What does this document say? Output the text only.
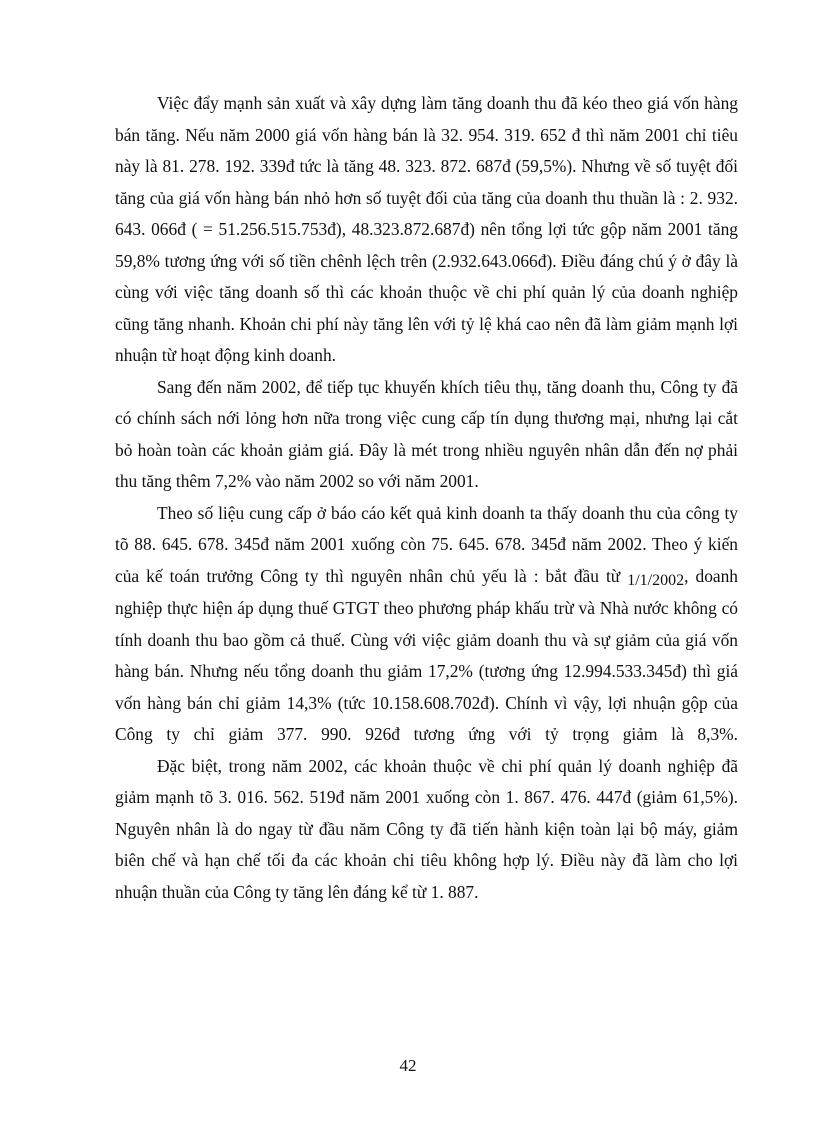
Việc đẩy mạnh sản xuất và xây dựng làm tăng doanh thu đã kéo theo giá vốn hàng bán tăng. Nếu năm 2000 giá vốn hàng bán là 32. 954. 319. 652 đ thì năm 2001 chỉ tiêu này là 81. 278. 192. 339đ tức là tăng 48. 323. 872. 687đ (59,5%). Nhưng về số tuyệt đối tăng của giá vốn hàng bán nhỏ hơn số tuyệt đối của tăng của doanh thu thuần là : 2. 932. 643. 066đ ( = 51.256.515.753đ), 48.323.872.687đ) nên tổng lợi tức gộp năm 2001 tăng 59,8% tương ứng với số tiền chênh lệch trên (2.932.643.066đ). Điều đáng chú ý ở đây là cùng với việc tăng doanh số thì các khoản thuộc về chi phí quản lý của doanh nghiệp cũng tăng nhanh. Khoản chi phí này tăng lên với tỷ lệ khá cao nên đã làm giảm mạnh lợi nhuận từ hoạt động kinh doanh.

Sang đến năm 2002, để tiếp tục khuyến khích tiêu thụ, tăng doanh thu, Công ty đã có chính sách nới lỏng hơn nữa trong việc cung cấp tín dụng thương mại, nhưng lại cắt bỏ hoàn toàn các khoản giảm giá. Đây là mét trong nhiều nguyên nhân dẫn đến nợ phải thu tăng thêm 7,2% vào năm 2002 so với năm 2001.

Theo số liệu cung cấp ở báo cáo kết quả kinh doanh ta thấy doanh thu của công ty tõ 88. 645. 678. 345đ năm 2001 xuống còn 75. 645. 678. 345đ năm 2002. Theo ý kiến của kế toán trưởng Công ty thì nguyên nhân chủ yếu là : bắt đầu từ 1/1/2002, doanh nghiệp thực hiện áp dụng thuế GTGT theo phương pháp khấu trừ và Nhà nước không có tính doanh thu bao gồm cả thuế. Cùng với việc giảm doanh thu và sự giảm của giá vốn hàng bán. Nhưng nếu tổng doanh thu giảm 17,2% (tương ứng 12.994.533.345đ) thì giá vốn hàng bán chỉ giảm 14,3% (tức 10.158.608.702đ). Chính vì vậy, lợi nhuận gộp của Công ty chỉ giảm 377. 990. 926đ tương ứng với tỷ trọng giảm là 8,3%.

Đặc biệt, trong năm 2002, các khoản thuộc về chi phí quản lý doanh nghiệp đã giảm mạnh tõ 3. 016. 562. 519đ năm 2001 xuống còn 1. 867. 476. 447đ (giảm 61,5%). Nguyên nhân là do ngay từ đầu năm Công ty đã tiến hành kiện toàn lại bộ máy, giảm biên chế và hạn chế tối đa các khoản chi tiêu không hợp lý. Điều này đã làm cho lợi nhuận thuần của Công ty tăng lên đáng kể từ 1. 887.

42
